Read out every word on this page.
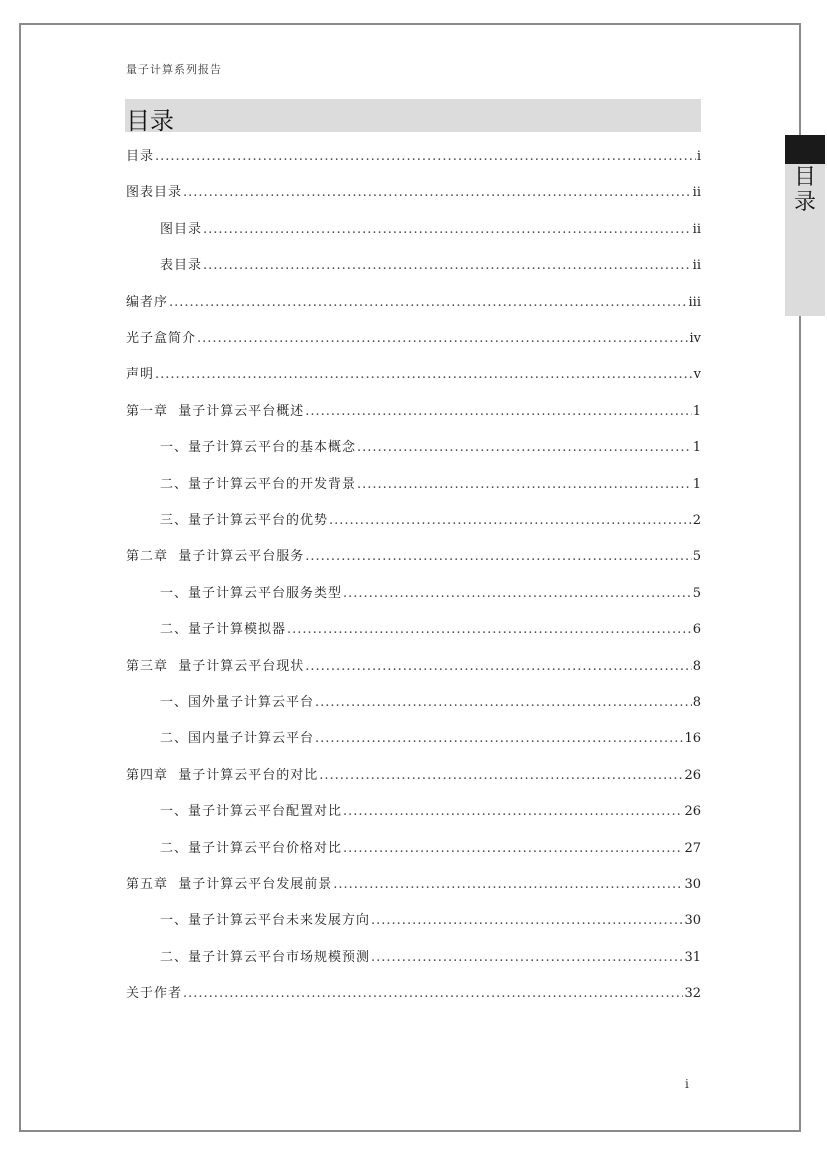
量子计算系列报告
目录
目
录
目录 .....	i
图表目录 .....	ii
图目录 .....	ii
表目录 .....	ii
编者序 .....	iii
光子盒简介 .....	iv
声明 .....	v
第一章  量子计算云平台概述 .....	1
一、量子计算云平台的基本概念 .....	1
二、量子计算云平台的开发背景 .....	1
三、量子计算云平台的优势 .....	2
第二章  量子计算云平台服务 .....	5
一、量子计算云平台服务类型 .....	5
二、量子计算模拟器 .....	6
第三章  量子计算云平台现状 .....	8
一、国外量子计算云平台 .....	8
二、国内量子计算云平台 .....	16
第四章  量子计算云平台的对比 .....	26
一、量子计算云平台配置对比 .....	26
二、量子计算云平台价格对比 .....	27
第五章  量子计算云平台发展前景 .....	30
一、量子计算云平台未来发展方向 .....	30
二、量子计算云平台市场规模预测 .....	31
关于作者 .....	32
i
